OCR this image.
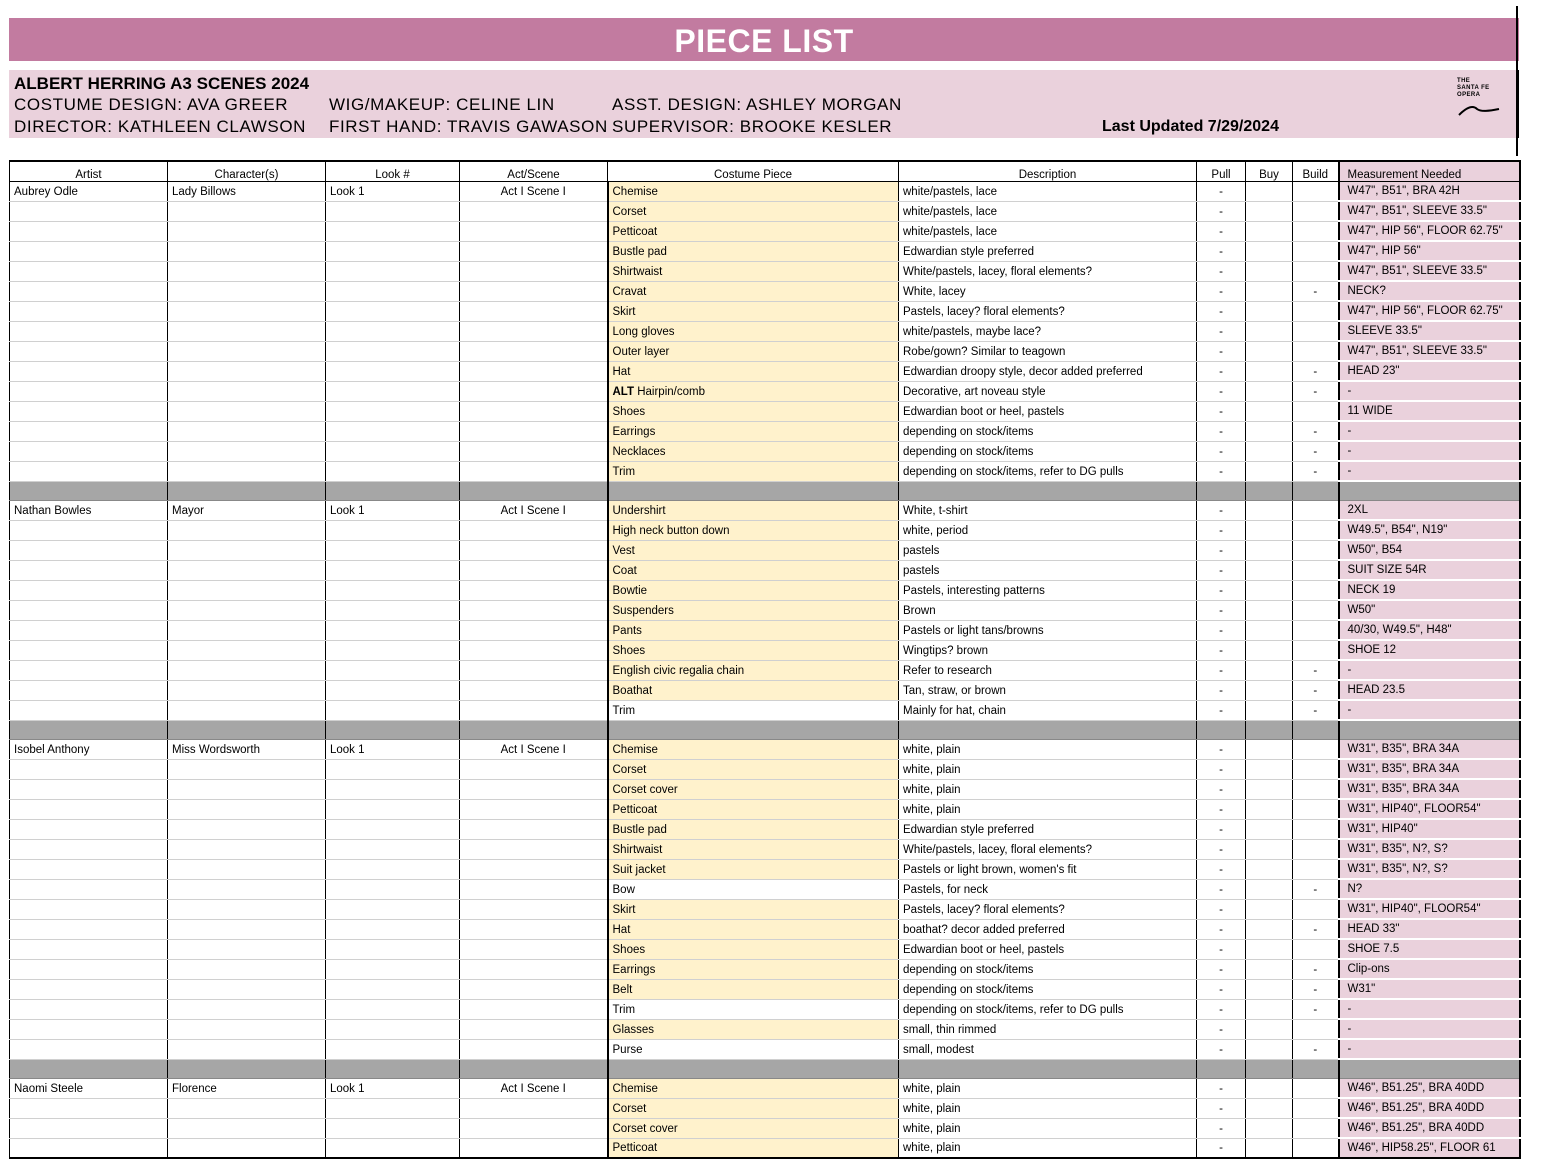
PIECE LIST
ALBERT HERRING A3 SCENES 2024
COSTUME DESIGN: AVA GREER WIG/MAKEUP: CELINE LIN	ASST. DESIGN: ASHLEY MORGAN
DIRECTOR: KATHLEEN CLAWSON FIRST HAND: TRAVIS GAWASON SUPERVISOR: BROOKE KESLER	Last Updated 7/29/2024
THE
SANTA FE
OPERA
Artist	Character(s)	Look #	Act/Scene	Costume Piece	Description	Pull	Buy	Build	Measurement Needed
Aubrey Odle	Lady Billows	Look 1	Act I Scene I	Chemise	white/pastels, lace	-			W47", B51", BRA 42H
				Corset	white/pastels, lace	-			W47", B51", SLEEVE 33.5"
				Petticoat	white/pastels, lace	-			W47", HIP 56", FLOOR 62.75"
				Bustle pad	Edwardian style preferred	-			W47", HIP 56"
				Shirtwaist	White/pastels, lacey, floral elements?	-			W47", B51", SLEEVE 33.5"
				Cravat	White, lacey	-		-	NECK?
				Skirt	Pastels, lacey? floral elements?	-			W47", HIP 56", FLOOR 62.75"
				Long gloves	white/pastels, maybe lace?	-			SLEEVE 33.5"
				Outer layer	Robe/gown? Similar to teagown	-			W47", B51", SLEEVE 33.5"
				Hat	Edwardian droopy style, decor added preferred	-		-	HEAD 23"
				ALT Hairpin/comb	Decorative, art noveau style	-		-	-
				Shoes	Edwardian boot or heel, pastels	-			11 WIDE
				Earrings	depending on stock/items	-		-	-
				Necklaces	depending on stock/items	-		-	-
				Trim	depending on stock/items, refer to DG pulls	-		-	-

Nathan Bowles	Mayor	Look 1	Act I Scene I	Undershirt	White, t-shirt	-			2XL
				High neck button down	white, period	-			W49.5", B54", N19"
				Vest	pastels	-			W50", B54
				Coat	pastels	-			SUIT SIZE 54R
				Bowtie	Pastels, interesting patterns	-			NECK 19
				Suspenders	Brown	-			W50"
				Pants	Pastels or light tans/browns	-			40/30, W49.5", H48"
				Shoes	Wingtips? brown	-			SHOE 12
				English civic regalia chain	Refer to research	-		-	-
				Boathat	Tan, straw, or brown	-		-	HEAD 23.5
				Trim	Mainly for hat, chain	-		-	-

Isobel Anthony	Miss Wordsworth	Look 1	Act I Scene I	Chemise	white, plain	-			W31", B35", BRA 34A
				Corset	white, plain	-			W31", B35", BRA 34A
				Corset cover	white, plain	-			W31", B35", BRA 34A
				Petticoat	white, plain	-			W31", HIP40", FLOOR54"
				Bustle pad	Edwardian style preferred	-			W31", HIP40"
				Shirtwaist	White/pastels, lacey, floral elements?	-			W31", B35", N?, S?
				Suit jacket	Pastels or light brown, women's fit	-			W31", B35", N?, S?
				Bow	Pastels, for neck	-		-	N?
				Skirt	Pastels, lacey? floral elements?	-			W31", HIP40", FLOOR54"
				Hat	boathat? decor added preferred	-		-	HEAD 33"
				Shoes	Edwardian boot or heel, pastels	-			SHOE 7.5
				Earrings	depending on stock/items	-		-	Clip-ons
				Belt	depending on stock/items	-		-	W31"
				Trim	depending on stock/items, refer to DG pulls	-		-	-
				Glasses	small, thin rimmed	-			-
				Purse	small, modest	-		-	-

Naomi Steele	Florence	Look 1	Act I Scene I	Chemise	white, plain	-			W46", B51.25", BRA 40DD
				Corset	white, plain	-			W46", B51.25", BRA 40DD
				Corset cover	white, plain	-			W46", B51.25", BRA 40DD
				Petticoat	white, plain	-			W46", HIP58.25", FLOOR 61
